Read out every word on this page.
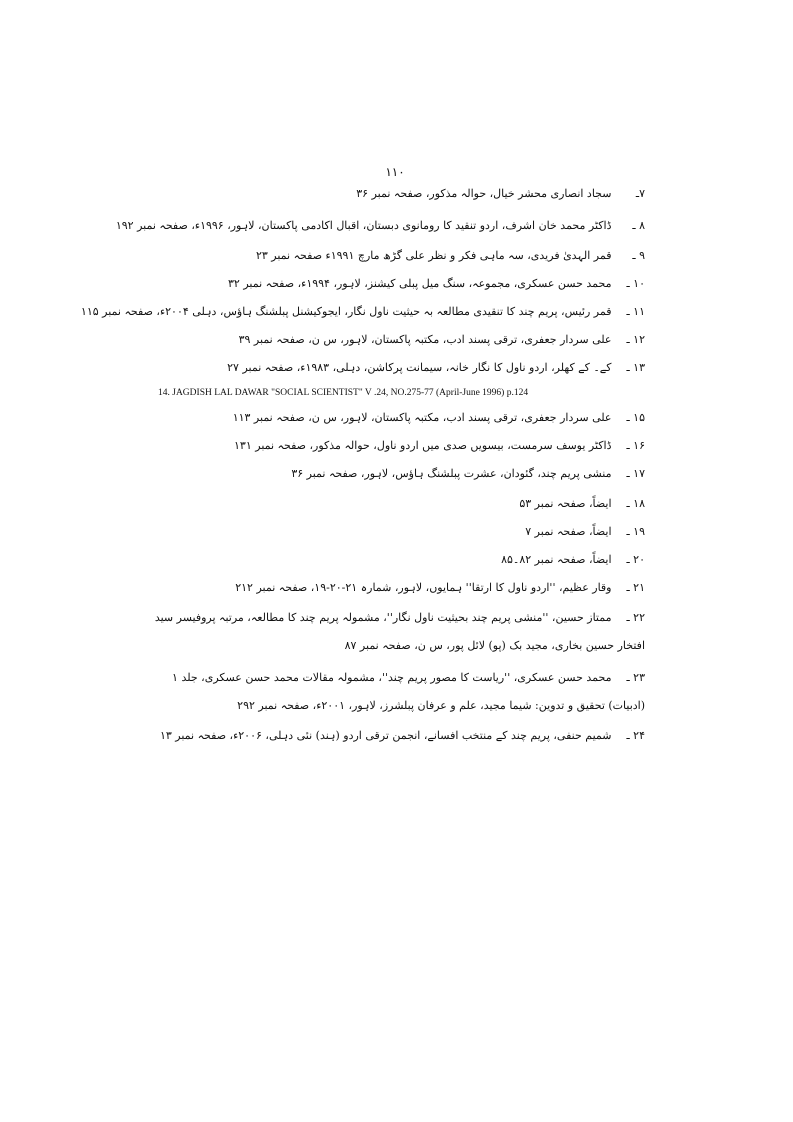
۱۱۰
۷ـ سجاد انصاری محشر خیال، حوالہ مذکور، صفحہ نمبر ۳۶
۸ ـ ڈاکٹر محمد خان اشرف، اردو تنقید کا رومانوی دبستان، اقبال اکادمی پاکستان، لاہور، ۱۹۹۶ء، صفحہ نمبر ۱۹۲
۹ ـ قمر الہدیٰ فریدی، سہ ماہی فکر و نظر علی گڑھ مارچ ۱۹۹۱ء صفحہ نمبر ۲۳
۱۰ ـ محمد حسن عسکری، مجموعہ، سنگ میل پبلی کیشنز، لاہور، ۱۹۹۴ء، صفحہ نمبر ۳۲
۱۱ ـ قمر رئیس، پریم چند کا تنقیدی مطالعہ بہ حیثیت ناول نگار، ایجوکیشنل پبلشنگ ہاؤس، دہلی ۲۰۰۴ء، صفحہ نمبر ۱۱۵
۱۲ ـ علی سردار جعفری، ترقی پسند ادب، مکتبہ پاکستان، لاہور، س ن، صفحہ نمبر ۳۹
۱۳ ـ کے۔ کے کھلر، اردو ناول کا نگار خانہ، سیمانت پرکاشن، دہلی، ۱۹۸۳ء، صفحہ نمبر ۲۷
14. JAGDISH LAL DAWAR "SOCIAL SCIENTIST" V .24, NO.275-77 (April-June 1996) p.124
۱۵ ـ علی سردار جعفری، ترقی پسند ادب، مکتبہ پاکستان، لاہور، س ن، صفحہ نمبر ۱۱۳
۱۶ ـ ڈاکٹر یوسف سرمست، بیسویں صدی میں اردو ناول، حوالہ مذکور، صفحہ نمبر ۱۳۱
۱۷ ـ منشی پریم چند، گئودان، عشرت پبلشنگ ہاؤس، لاہور، صفحہ نمبر ۳۶
۱۸ ـ ایضاً، صفحہ نمبر ۵۳
۱۹ ـ ایضاً، صفحہ نمبر ۷
۲۰ ـ ایضاً، صفحہ نمبر ۸۲۔۸۵
۲۱ ـ وقار عظیم، ''اردو ناول کا ارتقا'' ہمایوں، لاہور، شمارہ ۲۱-۲۰-۱۹، صفحہ نمبر ۲۱۲
۲۲ ـ ممتاز حسین، ''منشی پریم چند بحیثیت ناول نگار''، مشمولہ پریم چند کا مطالعہ، مرتبہ پروفیسر سید افتخار حسین بخاری، مجید بک (پو) لائل پور، س ن، صفحہ نمبر ۸۷
۲۳ ـ محمد حسن عسکری، ''ریاست کا مصور پریم چند''، مشمولہ مقالات محمد حسن عسکری، جلد ۱ (ادبیات) تحقیق و تدوین: شیما مجید، علم و عرفان پبلشرز، لاہور، ۲۰۰۱ء، صفحہ نمبر ۲۹۲
۲۴ ـ شمیم حنفی، پریم چند کے منتخب افسانے، انجمن ترقی اردو (ہند) نئی دہلی، ۲۰۰۶ء، صفحہ نمبر ۱۳
